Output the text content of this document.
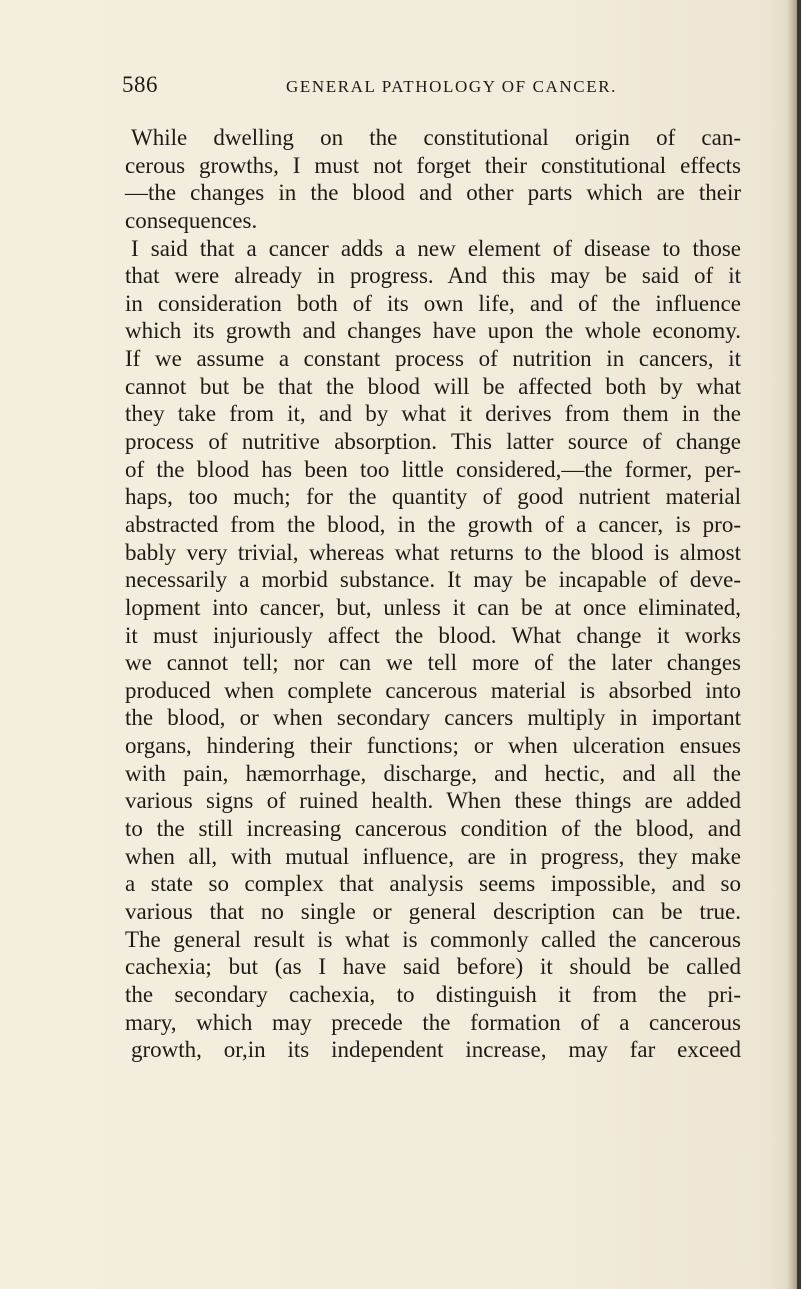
586	GENERAL PATHOLOGY OF CANCER.
While dwelling on the constitutional origin of can-
cerous growths, I must not forget their constitutional effects
—the changes in the blood and other parts which are their
consequences.
I said that a cancer adds a new element of disease to those
that were already in progress. And this may be said of it
in consideration both of its own life, and of the influence
which its growth and changes have upon the whole economy.
If we assume a constant process of nutrition in cancers, it
cannot but be that the blood will be affected both by what
they take from it, and by what it derives from them in the
process of nutritive absorption. This latter source of change
of the blood has been too little considered,—the former, per-
haps, too much; for the quantity of good nutrient material
abstracted from the blood, in the growth of a cancer, is pro-
bably very trivial, whereas what returns to the blood is almost
necessarily a morbid substance. It may be incapable of deve-
lopment into cancer, but, unless it can be at once eliminated,
it must injuriously affect the blood. What change it works
we cannot tell; nor can we tell more of the later changes
produced when complete cancerous material is absorbed into
the blood, or when secondary cancers multiply in important
organs, hindering their functions; or when ulceration ensues
with pain, hæmorrhage, discharge, and hectic, and all the
various signs of ruined health. When these things are added
to the still increasing cancerous condition of the blood, and
when all, with mutual influence, are in progress, they make
a state so complex that analysis seems impossible, and so
various that no single or general description can be true.
The general result is what is commonly called the cancerous
cachexia; but (as I have said before) it should be called
the secondary cachexia, to distinguish it from the pri-
mary, which may precede the formation of a cancerous
growth, or,in its independent increase, may far exceed
